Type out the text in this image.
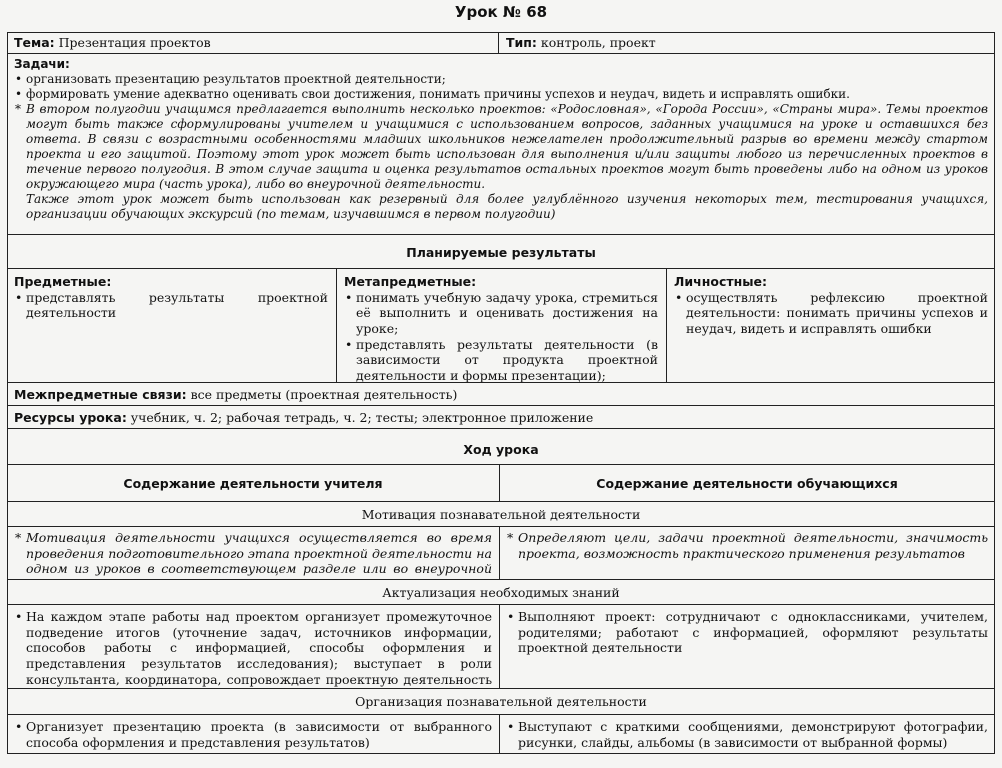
Урок № 68
Тема: Презентация проектов	Тип: контроль, проект
Задачи:
• организовать презентацию результатов проектной деятельности;
• формировать умение адекватно оценивать свои достижения, понимать причины успехов и неудач, видеть и исправлять ошибки.
* В втором полугодии учащимся предлагается выполнить несколько проектов: «Родословная», «Города России», «Страны мира». Темы проектов могут быть также сформулированы учителем и учащимися с использованием вопросов, заданных учащимися на уроке и оставшихся без ответа. В связи с возрастными особенностями младших школьников нежелателен продолжительный разрыв во времени между стартом проекта и его защитой. Поэтому этот урок может быть использован для выполнения и/или защиты любого из перечисленных проектов в течение первого полугодия. В этом случае защита и оценка результатов остальных проектов могут быть проведены либо на одном из уроков окружающего мира (часть урока), либо во внеурочной деятельности.
Также этот урок может быть использован как резервный для более углублённого изучения некоторых тем, тестирования учащихся, организации обучающих экскурсий (по темам, изучавшимся в первом полугодии)
Планируемые результаты
Предметные:
• представлять результаты проектной деятельности
Метапредметные:
• понимать учебную задачу урока, стремиться её выполнить и оценивать достижения на уроке;
• представлять результаты деятельности (в зависимости от продукта проектной деятельности и формы презентации);
Личностные:
• осуществлять рефлексию проектной деятельности: понимать причины успехов и неудач, видеть и исправлять ошибки
Межпредметные связи: все предметы (проектная деятельность)
Ресурсы урока: учебник, ч. 2; рабочая тетрадь, ч. 2; тесты; электронное приложение
Ход урока
Содержание деятельности учителя	Содержание деятельности обучающихся
Мотивация познавательной деятельности
* Мотивация деятельности учащихся осуществляется во время проведения подготовительного этапа проектной деятельности на одном из уроков в соответствующем разделе или во внеурочной
* Определяют цели, задачи проектной деятельности, значимость проекта, возможность практического применения результатов
Актуализация необходимых знаний
• На каждом этапе работы над проектом организует промежуточное подведение итогов (уточнение задач, источников информации, способов работы с информацией, способы оформления и представления результатов исследования); выступает в роли консультанта, координатора, сопровождает проектную деятельность
• Выполняют проект: сотрудничают с одноклассниками, учителем, родителями; работают с информацией, оформляют результаты проектной деятельности
Организация познавательной деятельности
• Организует презентацию проекта (в зависимости от выбранного способа оформления и представления результатов)
• Выступают с краткими сообщениями, демонстрируют фотографии, рисунки, слайды, альбомы (в зависимости от выбранной формы)
